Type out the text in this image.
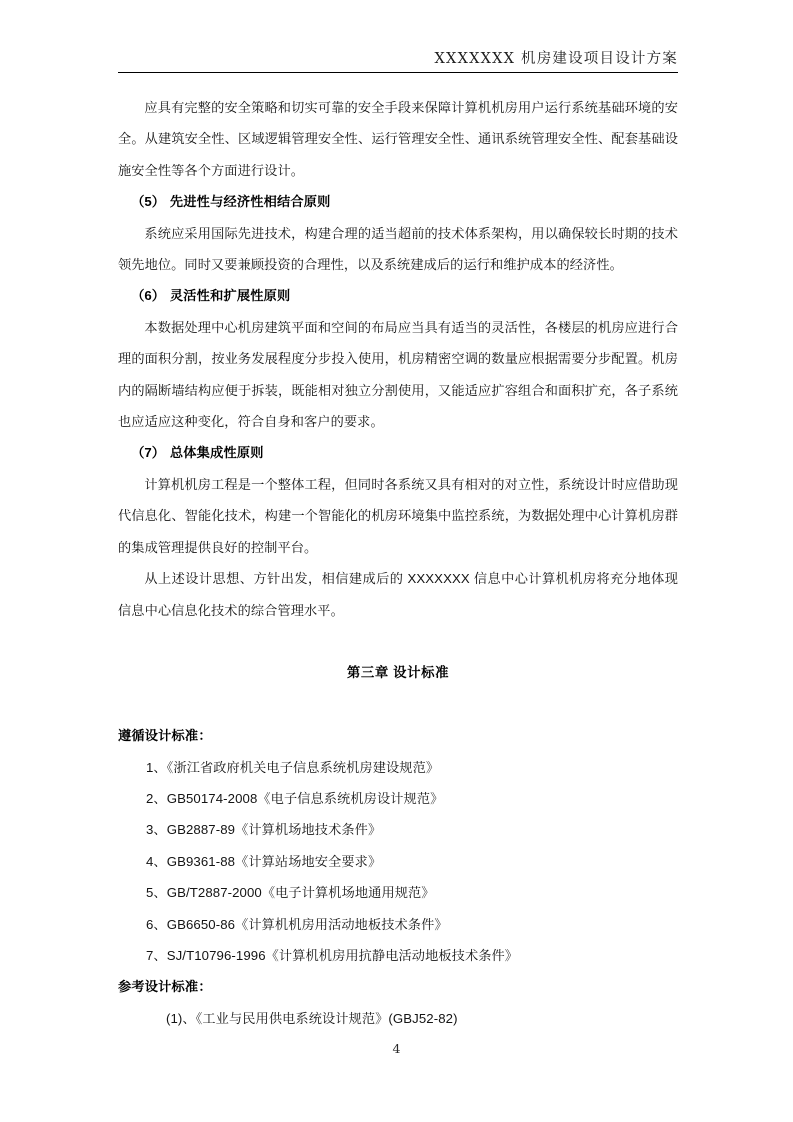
XXXXXXX 机房建设项目设计方案

应具有完整的安全策略和切实可靠的安全手段来保障计算机机房用户运行系统基础环境的安全。从建筑安全性、区域逻辑管理安全性、运行管理安全性、通讯系统管理安全性、配套基础设施安全性等各个方面进行设计。

（5） 先进性与经济性相结合原则

系统应采用国际先进技术，构建合理的适当超前的技术体系架构，用以确保较长时期的技术领先地位。同时又要兼顾投资的合理性，以及系统建成后的运行和维护成本的经济性。

（6） 灵活性和扩展性原则

本数据处理中心机房建筑平面和空间的布局应当具有适当的灵活性，各楼层的机房应进行合理的面积分割，按业务发展程度分步投入使用，机房精密空调的数量应根据需要分步配置。机房内的隔断墙结构应便于拆装，既能相对独立分割使用，又能适应扩容组合和面积扩充，各子系统也应适应这种变化，符合自身和客户的要求。

（7） 总体集成性原则

计算机机房工程是一个整体工程，但同时各系统又具有相对的对立性，系统设计时应借助现代信息化、智能化技术，构建一个智能化的机房环境集中监控系统，为数据处理中心计算机房群的集成管理提供良好的控制平台。

从上述设计思想、方针出发，相信建成后的 XXXXXXX 信息中心计算机机房将充分地体现信息中心信息化技术的综合管理水平。

第三章 设计标准
遵循设计标准：
1、《浙江省政府机关电子信息系统机房建设规范》
2、GB50174-2008《电子信息系统机房设计规范》
3、GB2887-89《计算机场地技术条件》
4、GB9361-88《计算站场地安全要求》
5、GB/T2887-2000《电子计算机场地通用规范》
6、GB6650-86《计算机机房用活动地板技术条件》
7、SJ/T10796-1996《计算机机房用抗静电活动地板技术条件》
参考设计标准：
(1)、《工业与民用供电系统设计规范》(GBJ52-82)
4
